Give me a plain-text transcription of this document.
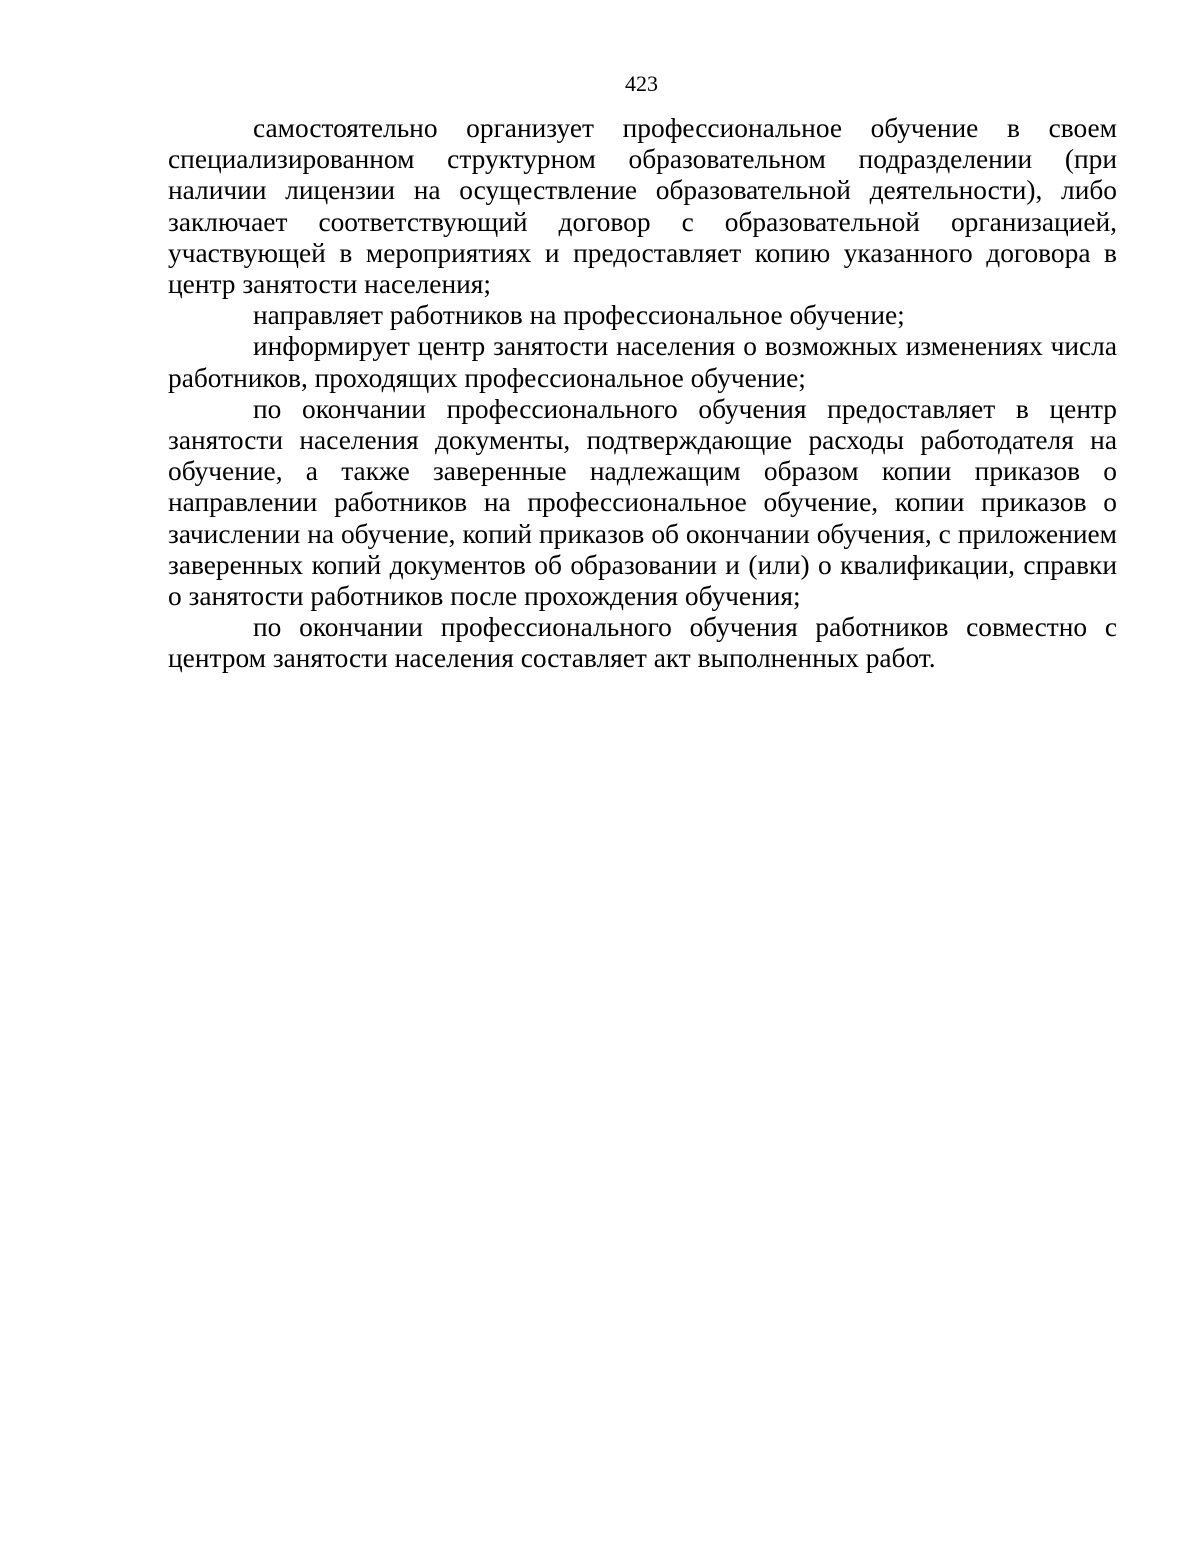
423

самостоятельно организует профессиональное обучение в своем специализированном структурном образовательном подразделении (при наличии лицензии на осуществление образовательной деятельности), либо заключает соответствующий договор с образовательной организацией, участвующей в мероприятиях и предоставляет копию указанного договора в центр занятости населения;

направляет работников на профессиональное обучение;

информирует центр занятости населения о возможных изменениях числа работников, проходящих профессиональное обучение;

по окончании профессионального обучения предоставляет в центр занятости населения документы, подтверждающие расходы работодателя на обучение, а также заверенные надлежащим образом копии приказов о направлении работников на профессиональное обучение, копии приказов о зачислении на обучение, копий приказов об окончании обучения, с приложением заверенных копий документов об образовании и (или) о квалификации, справки о занятости работников после прохождения обучения;

по окончании профессионального обучения работников совместно с центром занятости населения составляет акт выполненных работ.
